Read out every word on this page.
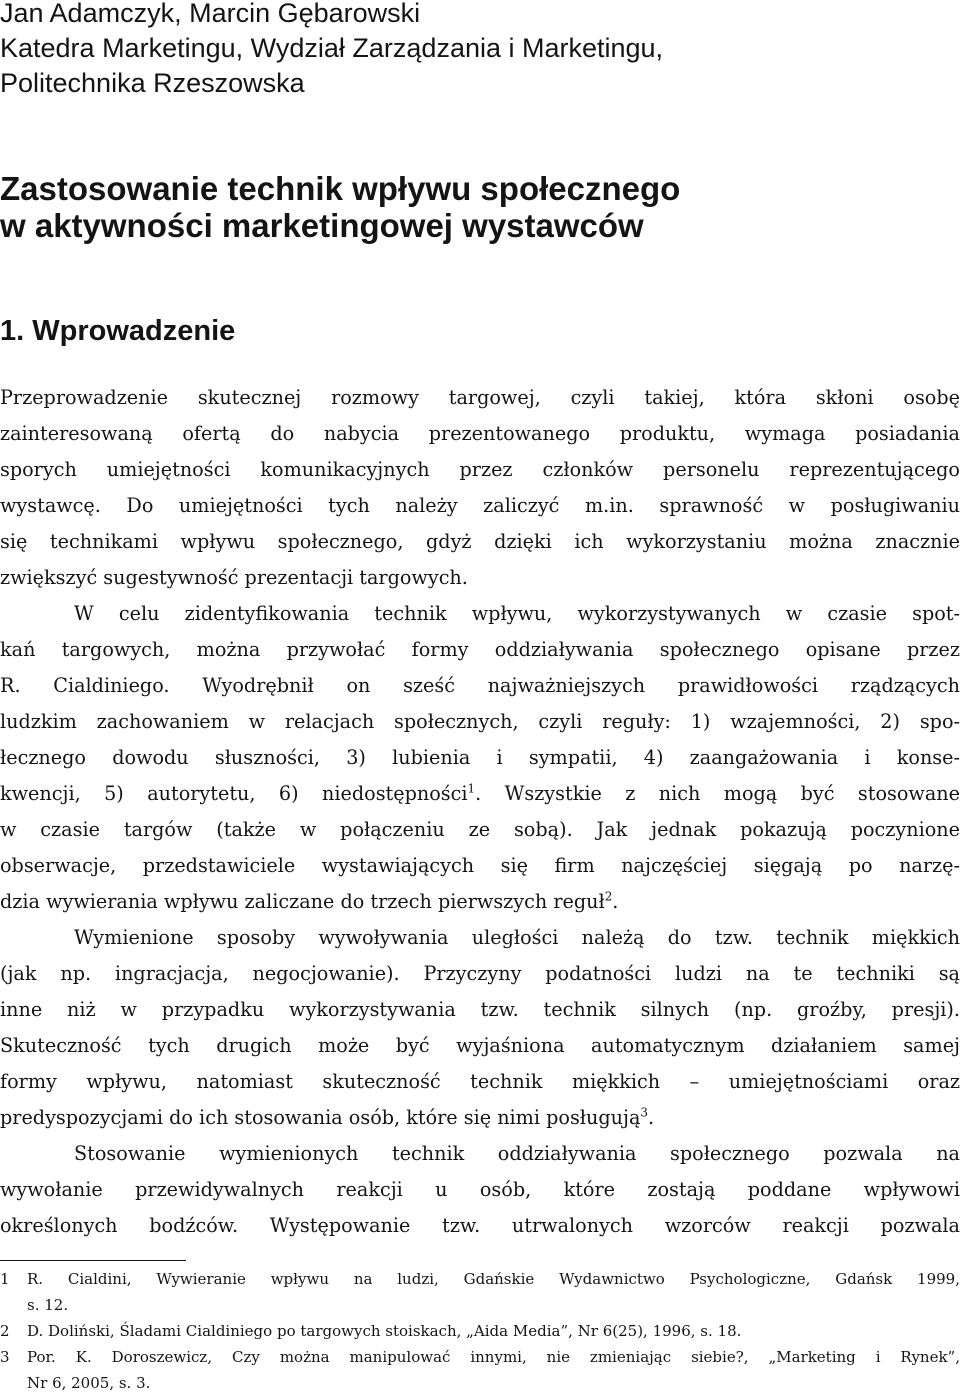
Jan Adamczyk, Marcin Gębarowski
Katedra Marketingu, Wydział Zarządzania i Marketingu,
Politechnika Rzeszowska
Zastosowanie technik wpływu społecznego
w aktywności marketingowej wystawców
1. Wprowadzenie

Przeprowadzenie skutecznej rozmowy targowej, czyli takiej, która skłoni osobę
zainteresowaną ofertą do nabycia prezentowanego produktu, wymaga posiadania
sporych umiejętności komunikacyjnych przez członków personelu reprezentującego
wystawcę. Do umiejętności tych należy zaliczyć m.in. sprawność w posługiwaniu
się technikami wpływu społecznego, gdyż dzięki ich wykorzystaniu można znacznie
zwiększyć sugestywność prezentacji targowych.

W celu zidentyfikowania technik wpływu, wykorzystywanych w czasie spot-
kań targowych, można przywołać formy oddziaływania społecznego opisane przez
R. Cialdiniego. Wyodrębnił on sześć najważniejszych prawidłowości rządzących
ludzkim zachowaniem w relacjach społecznych, czyli reguły: 1) wzajemności, 2) spo-
łecznego dowodu słuszności, 3) lubienia i sympatii, 4) zaangażowania i konse-
kwencji, 5) autorytetu, 6) niedostępności$^1$. Wszystkie z nich mogą być stosowane
w czasie targów (także w połączeniu ze sobą). Jak jednak pokazują poczynione
obserwacje, przedstawiciele wystawiających się firm najczęściej sięgają po narzę-
dzia wywierania wpływu zaliczane do trzech pierwszych reguł$^2$.

Wymienione sposoby wywoływania uległości należą do tzw. technik miękkich
(jak np. ingracjacja, negocjowanie). Przyczyny podatności ludzi na te techniki są
inne niż w przypadku wykorzystywania tzw. technik silnych (np. groźby, presji).
Skuteczność tych drugich może być wyjaśniona automatycznym działaniem samej
formy wpływu, natomiast skuteczność technik miękkich – umiejętnościami oraz
predyspozycjami do ich stosowania osób, które się nimi posługują$^3$.

Stosowanie wymienionych technik oddziaływania społecznego pozwala na
wywołanie przewidywalnych reakcji u osób, które zostają poddane wpływowi
określonych bodźców. Występowanie tzw. utrwalonych wzorców reakcji pozwala

1 R. Cialdini, Wywieranie wpływu na ludzi, Gdańskie Wydawnictwo Psychologiczne, Gdańsk 1999,
s. 12.
2 D. Doliński, Śladami Cialdiniego po targowych stoiskach, „Aida Media”, Nr 6(25), 1996, s. 18.
3 Por. K. Doroszewicz, Czy można manipulować innymi, nie zmieniając siebie?, „Marketing i Rynek”,
Nr 6, 2005, s. 3.
